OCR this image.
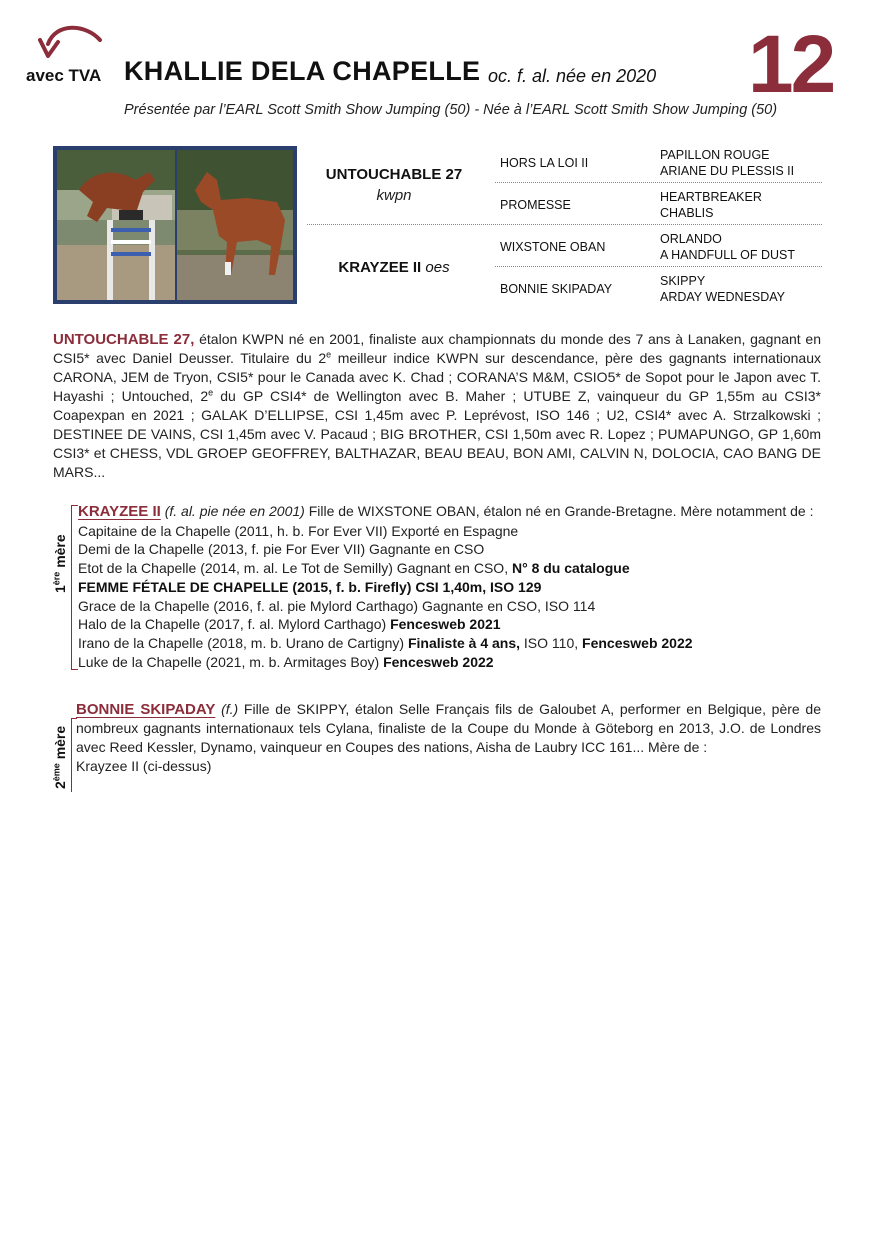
avec TVA KHALLIE DELA CHAPELLE oc. f. al. née en 2020 12
Présentée par l’EARL Scott Smith Show Jumping (50) - Née à l’EARL Scott Smith Show Jumping (50)
UNTOUCHABLE 27
kwpn
KRAYZEE II oes
HORS LA LOI II
PROMESSE
WIXSTONE OBAN
BONNIE SKIPADAY
PAPILLON ROUGE
ARIANE DU PLESSIS II
HEARTBREAKER
CHABLIS
ORLANDO
A HANDFULL OF DUST
SKIPPY
ARDAY WEDNESDAY
UNTOUCHABLE 27, étalon KWPN né en 2001, finaliste aux championnats du monde des 7 ans à Lanaken, gagnant en CSI5* avec Daniel Deusser. Titulaire du 2e meilleur indice KWPN sur descendance, père des gagnants internationaux CARONA, JEM de Tryon, CSI5* pour le Canada avec K. Chad ; CORANA’S M&M, CSIO5* de Sopot pour le Japon avec T. Hayashi ; Untouched, 2e du GP CSI4* de Wellington avec B. Maher ; UTUBE Z, vainqueur du GP 1,55m au CSI3* Coapexpan en 2021 ; GALAK D’ELLIPSE, CSI 1,45m avec P. Leprévost, ISO 146 ; U2, CSI4* avec A. Strzalkowski ; DESTINEE DE VAINS, CSI 1,45m avec V. Pacaud ; BIG BROTHER, CSI 1,50m avec R. Lopez ; PUMAPUNGO, GP 1,60m CSI3* et CHESS, VDL GROEP GEOFFREY, BALTHAZAR, BEAU BEAU, BON AMI, CALVIN N, DOLOCIA, CAO BANG DE MARS...
1ère mère
KRAYZEE II (f. al. pie née en 2001) Fille de WIXSTONE OBAN, étalon né en Grande-Bretagne. Mère notamment de :
Capitaine de la Chapelle (2011, h. b. For Ever VII) Exporté en Espagne
Demi de la Chapelle (2013, f. pie For Ever VII) Gagnante en CSO
Etot de la Chapelle (2014, m. al. Le Tot de Semilly) Gagnant en CSO, N° 8 du catalogue
FEMME FÉTALE DE CHAPELLE (2015, f. b. Firefly) CSI 1,40m, ISO 129
Grace de la Chapelle (2016, f. al. pie Mylord Carthago) Gagnante en CSO, ISO 114
Halo de la Chapelle (2017, f. al. Mylord Carthago) Fencesweb 2021
Irano de la Chapelle (2018, m. b. Urano de Cartigny) Finaliste à 4 ans, ISO 110, Fencesweb 2022
Luke de la Chapelle (2021, m. b. Armitages Boy) Fencesweb 2022
2ème mère
BONNIE SKIPADAY (f.) Fille de SKIPPY, étalon Selle Français fils de Galoubet A, performer en Belgique, père de nombreux gagnants internationaux tels Cylana, finaliste de la Coupe du Monde à Göteborg en 2013, J.O. de Londres avec Reed Kessler, Dynamo, vainqueur en Coupes des nations, Aisha de Laubry ICC 161... Mère de :
Krayzee II (ci-dessus)
